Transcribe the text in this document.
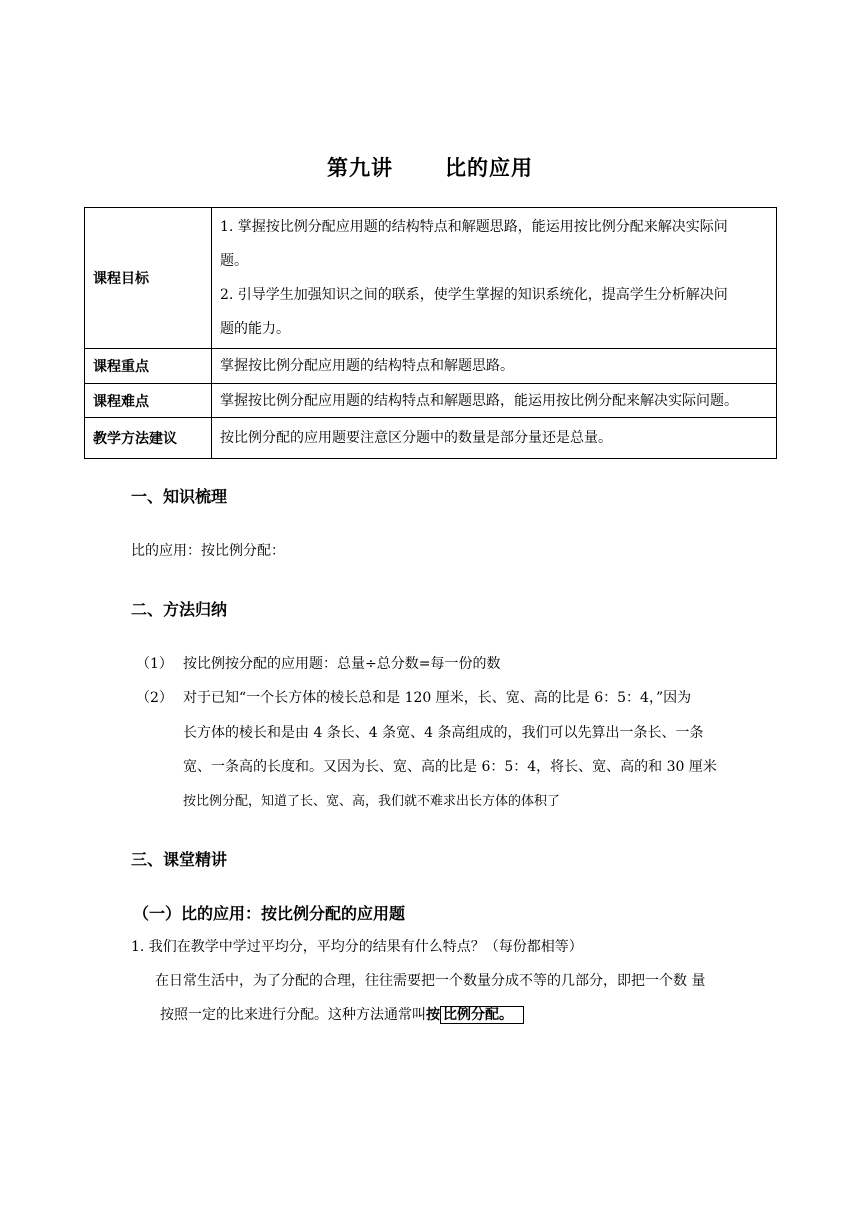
第九讲 比的应用
课程目标	1. 掌握按比例分配应用题的结构特点和解题思路，能运用按比例分配来解决实际问
题。
2. 引导学生加强知识之间的联系，使学生掌握的知识系统化，提高学生分析解决问
题的能力。

课程重点	掌握按比例分配应用题的结构特点和解题思路。
课程难点	掌握按比例分配应用题的结构特点和解题思路，能运用按比例分配来解决实际问题。
教学方法建议	按比例分配的应用题要注意区分题中的数量是部分量还是总量。
一、知识梳理
比的应用：按比例分配：
二、方法归纳
（1） 按比例按分配的应用题：总量÷总分数=每一份的数
（2） 对于已知“一个长方体的棱长总和是 120 厘米，长、宽、高的比是 6：5：4，”因为
长方体的棱长和是由 4 条长、4 条宽、4 条高组成的，我们可以先算出一条长、一条
宽、一条高的长度和。又因为长、宽、高的比是 6：5：4，将长、宽、高的和 30 厘米
按比例分配，知道了长、宽、高，我们就不难求出长方体的体积了
三、课堂精讲
（一）比的应用：按比例分配的应用题
1. 我们在教学中学过平均分，平均分的结果有什么特点？（每份都相等）
在日常生活中，为了分配的合理，往往需要把一个数量分成不等的几部分，即把一个数 量
按照一定的比来进行分配。这种方法通常叫按 比例分配。
